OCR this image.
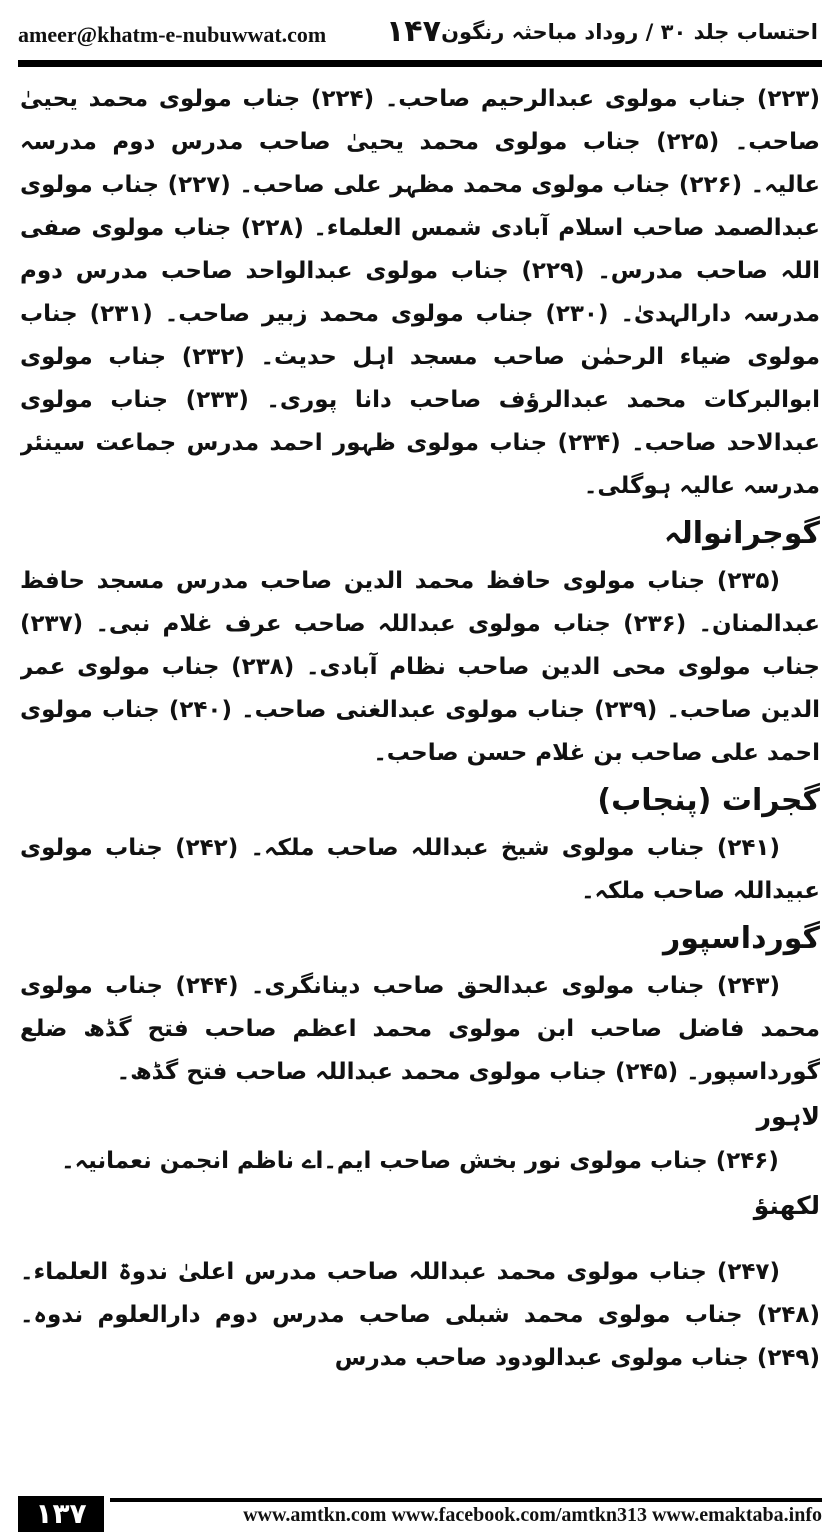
ameer@khatm-e-nubuwwat.com ۱۴۷ احتساب جلد ۳۰ / روداد مباحثہ رنگون

(۲۲۳) جناب مولوی عبدالرحیم صاحب۔ (۲۲۴) جناب مولوی محمد یحییٰ صاحب۔ (۲۲۵) جناب مولوی محمد یحییٰ صاحب مدرس دوم مدرسہ عالیہ۔ (۲۲۶) جناب مولوی محمد مظہر علی صاحب۔ (۲۲۷) جناب مولوی عبدالصمد صاحب اسلام آبادی شمس العلماء۔ (۲۲۸) جناب مولوی صفی اللہ صاحب مدرس۔ (۲۲۹) جناب مولوی عبدالواحد صاحب مدرس دوم مدرسہ دارالہدیٰ۔ (۲۳۰) جناب مولوی محمد زبیر صاحب۔ (۲۳۱) جناب مولوی ضیاء الرحمٰن صاحب مسجد اہل حدیث۔ (۲۳۲) جناب مولوی ابوالبرکات محمد عبدالرؤف صاحب دانا پوری۔ (۲۳۳) جناب مولوی عبدالاحد صاحب۔ (۲۳۴) جناب مولوی ظہور احمد مدرس جماعت سینئر مدرسہ عالیہ ہوگلی۔

گوجرانوالہ

(۲۳۵) جناب مولوی حافظ محمد الدین صاحب مدرس مسجد حافظ عبدالمنان۔ (۲۳۶) جناب مولوی عبداللہ صاحب عرف غلام نبی۔ (۲۳۷) جناب مولوی محی الدین صاحب نظام آبادی۔ (۲۳۸) جناب مولوی عمر الدین صاحب۔ (۲۳۹) جناب مولوی عبدالغنی صاحب۔ (۲۴۰) جناب مولوی احمد علی صاحب بن غلام حسن صاحب۔

گجرات (پنجاب)

(۲۴۱) جناب مولوی شیخ عبداللہ صاحب ملکہ۔ (۲۴۲) جناب مولوی عبیداللہ صاحب ملکہ۔

گورداسپور

(۲۴۳) جناب مولوی عبدالحق صاحب دینانگری۔ (۲۴۴) جناب مولوی محمد فاضل صاحب ابن مولوی محمد اعظم صاحب فتح گڈھ ضلع گورداسپور۔ (۲۴۵) جناب مولوی محمد عبداللہ صاحب فتح گڈھ۔

لاہور

(۲۴۶) جناب مولوی نور بخش صاحب ایم۔اے ناظم انجمن نعمانیہ۔

لکھنؤ

(۲۴۷) جناب مولوی محمد عبداللہ صاحب مدرس اعلیٰ ندوۃ العلماء۔ (۲۴۸) جناب مولوی محمد شبلی صاحب مدرس دوم دارالعلوم ندوہ۔ (۲۴۹) جناب مولوی عبدالودود صاحب مدرس

۱۳۷	www.amtkn.com www.facebook.com/amtkn313 www.emaktaba.info
